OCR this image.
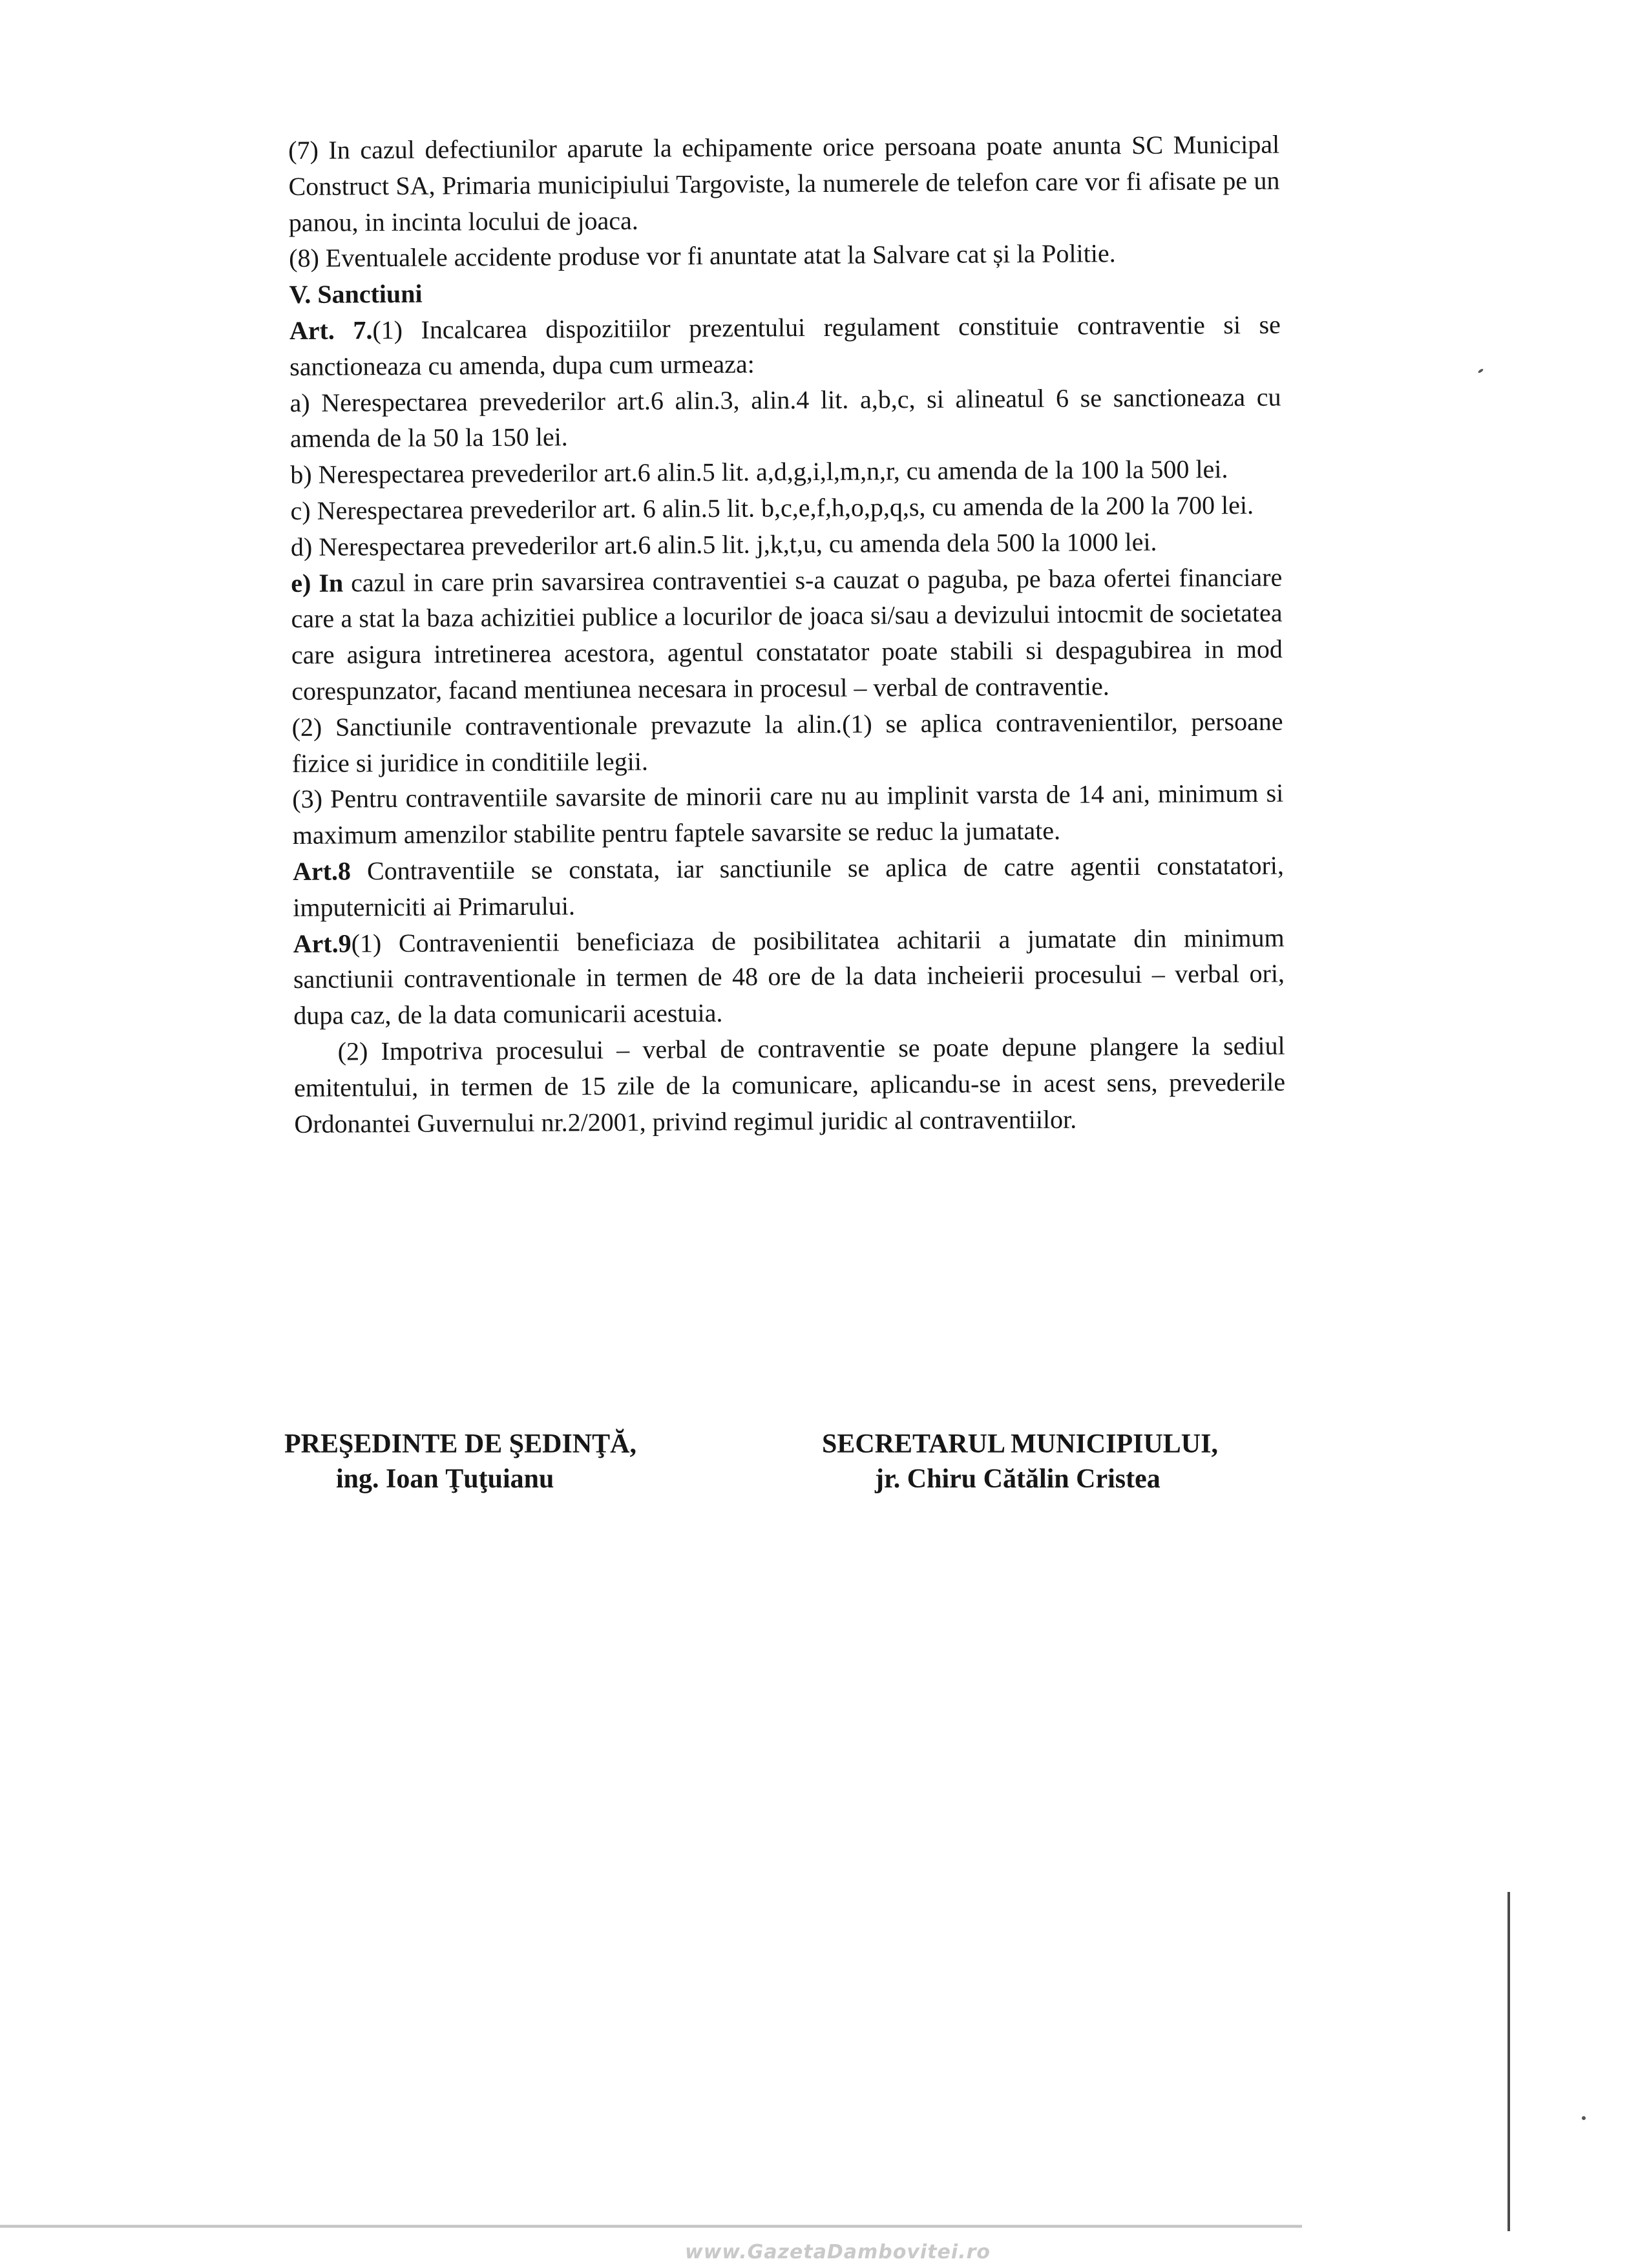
(7) In cazul defectiunilor aparute la echipamente orice persoana poate anunta SC Municipal Construct SA, Primaria municipiului Targoviste, la numerele de telefon care vor fi afisate pe un panou, in incinta locului de joaca.

(8) Eventualele accidente produse vor fi anuntate atat la Salvare cat și la Politie.

V. Sanctiuni

Art. 7.(1) Incalcarea dispozitiilor prezentului regulament constituie contraventie si se sanctioneaza cu amenda, dupa cum urmeaza:

a) Nerespectarea prevederilor art.6 alin.3, alin.4 lit. a,b,c, si alineatul 6 se sanctioneaza cu amenda de la 50 la 150 lei.

b) Nerespectarea prevederilor art.6 alin.5 lit. a,d,g,i,l,m,n,r, cu amenda de la 100 la 500 lei.

c) Nerespectarea prevederilor art. 6 alin.5 lit. b,c,e,f,h,o,p,q,s, cu amenda de la 200 la 700 lei.

d) Nerespectarea prevederilor art.6 alin.5 lit. j,k,t,u, cu amenda dela 500 la 1000 lei.

e) In cazul in care prin savarsirea contraventiei s-a cauzat o paguba, pe baza ofertei financiare care a stat la baza achizitiei publice a locurilor de joaca si/sau a devizului intocmit de societatea care asigura intretinerea acestora, agentul constatator poate stabili si despagubirea in mod corespunzator, facand mentiunea necesara in procesul – verbal de contraventie.

(2) Sanctiunile contraventionale prevazute la alin.(1) se aplica contravenientilor, persoane fizice si juridice in conditiile legii.

(3) Pentru contraventiile savarsite de minorii care nu au implinit varsta de 14 ani, minimum si maximum amenzilor stabilite pentru faptele savarsite se reduc la jumatate.

Art.8 Contraventiile se constata, iar sanctiunile se aplica de catre agentii constatatori, imputerniciti ai Primarului.

Art.9(1) Contravenientii beneficiaza de posibilitatea achitarii a jumatate din minimum sanctiunii contraventionale in termen de 48 ore de la data incheierii procesului – verbal ori, dupa caz, de la data comunicarii acestuia.

(2) Impotriva procesului – verbal de contraventie se poate depune plangere la sediul emitentului, in termen de 15 zile de la comunicare, aplicandu-se in acest sens, prevederile Ordonantei Guvernului nr.2/2001, privind regimul juridic al contraventiilor.

PREŞEDINTE DE ŞEDINŢĂ,
ing. Ioan Ţuţuianu
SECRETARUL MUNICIPIULUI,
jr. Chiru Cătălin Cristea
www.GazetaDambovitei.ro
